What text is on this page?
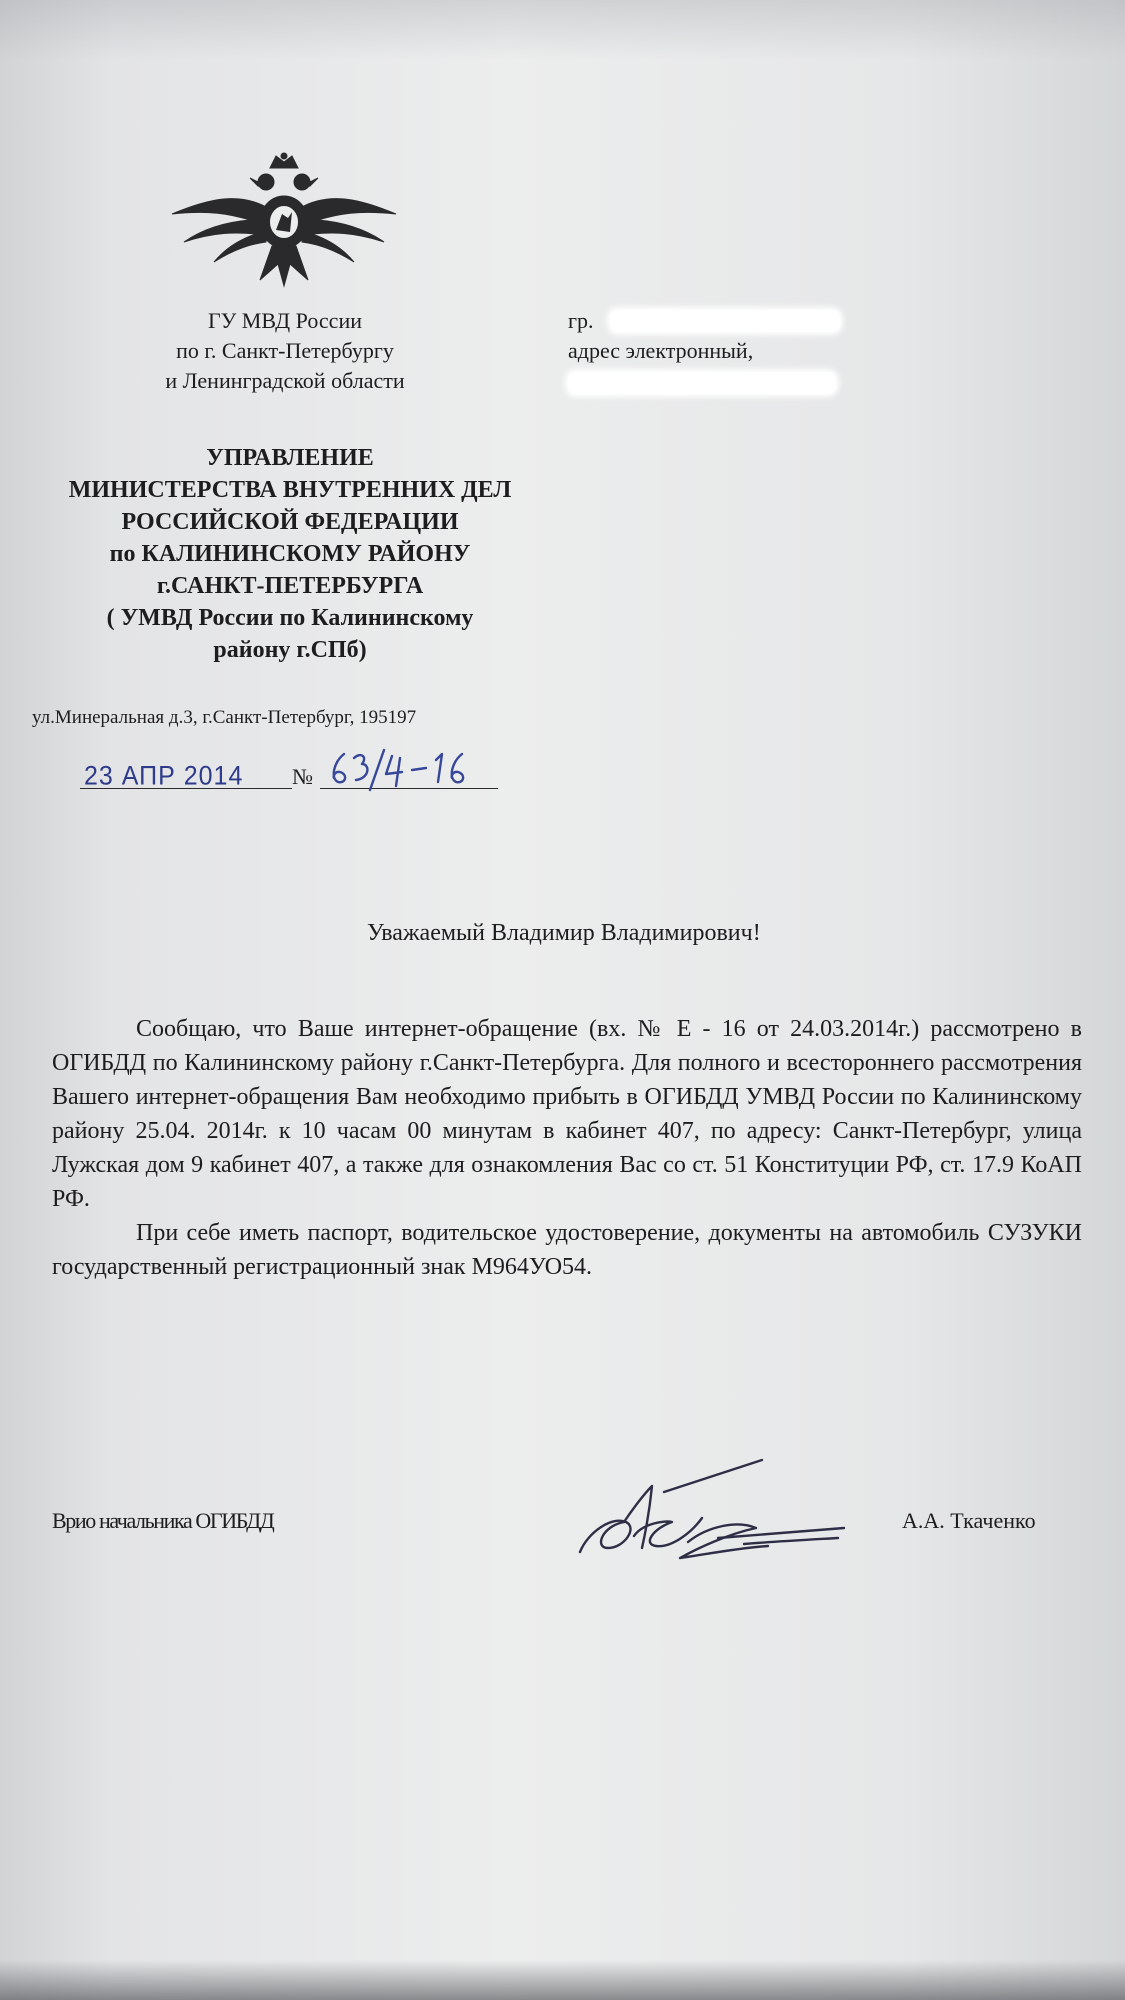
ГУ МВД России
по г. Санкт-Петербургу
и Ленинградской области
гр.
адрес электронный,
УПРАВЛЕНИЕ
МИНИСТЕРСТВА ВНУТРЕННИХ ДЕЛ
РОССИЙСКОЙ ФЕДЕРАЦИИ
по КАЛИНИНСКОМУ РАЙОНУ
г.САНКТ-ПЕТЕРБУРГА
( УМВД России по Калининскому
району г.СПб)
ул.Минеральная д.3, г.Санкт-Петербург, 195197
23 АПР 2014 №
Уважаемый Владимир Владимирович!

Сообщаю, что Ваше интернет-обращение (вх. № Е - 16 от 24.03.2014г.) рассмотрено в ОГИБДД по Калининскому району г.Санкт-Петербурга. Для полного и всестороннего рассмотрения Вашего интернет-обращения Вам необходимо прибыть в ОГИБДД УМВД России по Калининскому району 25.04. 2014г. к 10 часам 00 минутам в кабинет 407, по адресу: Санкт-Петербург, улица Лужская дом 9 кабинет 407, а также для ознакомления Вас со ст. 51 Конституции РФ, ст. 17.9 КоАП РФ.

При себе иметь паспорт, водительское удостоверение, документы на автомобиль СУЗУКИ государственный регистрационный знак М964УО54.

Врио начальника ОГИБДД	А.А. Ткаченко
